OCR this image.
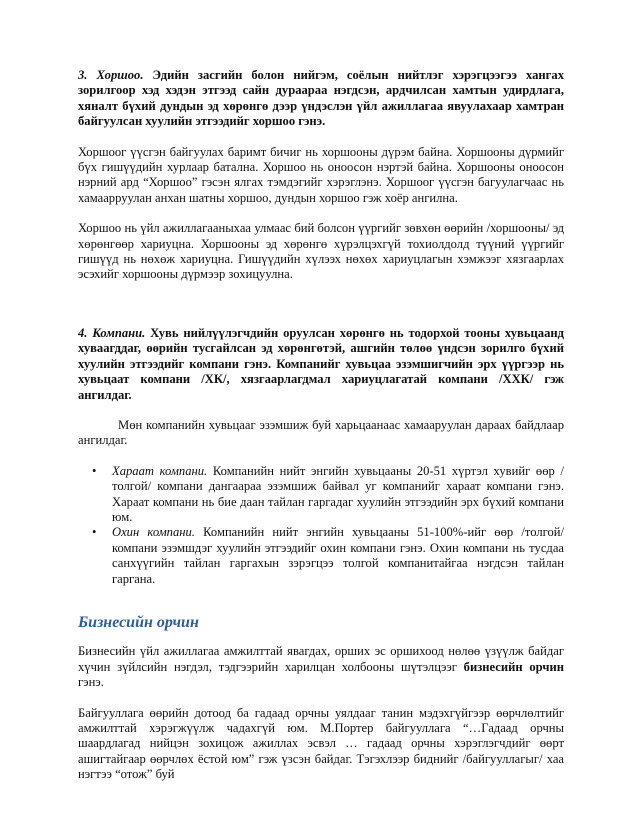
3. Хоршоо. Эдийн засгийн болон нийгэм, соёлын нийтлэг хэрэгцээгээ хангах зорилгоор хэд хэдэн этгээд сайн дураараа нэгдсэн, ардчилсан хамтын удирдлага, хяналт бүхий дундын эд хөрөнгө дээр үндэслэн үйл ажиллагаа явуулахаар хамтран байгуулсан хуулийн этгээдийг хоршоо гэнэ.

Хоршоог үүсгэн байгуулах баримт бичиг нь хоршооны дүрэм байна. Хоршооны дүрмийг бүх гишүүдийн хурлаар батална. Хоршоо нь оноосон нэртэй байна. Хоршооны оноосон нэрний ард “Хоршоо” гэсэн ялгах тэмдэгийг хэрэглэнэ. Хоршоог үүсгэн багуулагчаас нь хамаарруулан анхан шатны хоршоо, дундын хоршоо гэж хоёр ангилна.

Хоршоо нь үйл ажиллагааныхаа улмаас бий болсон үүргийг зөвхөн өөрийн /хоршооны/ эд хөрөнгөөр хариуцна. Хоршооны эд хөрөнгө хүрэлцэхгүй тохиолдолд түүний үүргийг гишүүд нь нөхөж хариуцна. Гишүүдийн хүлээх нөхөх хариуцлагын хэмжээг хязгаарлах эсэхийг хоршооны дүрмээр зохицуулна.

4. Компани. Хувь нийлүүлэгчдийн оруулсан хөрөнгө нь тодорхой тооны хувьцаанд хуваагддаг, өөрийн тусгайлсан эд хөрөнгөтэй, ашгийн төлөө үндсэн зорилго бүхий хуулийн этгээдийг компани гэнэ. Компанийг хувьцаа эзэмшигчийн эрх үүргээр нь хувьцаат компани /ХК/, хязгаарлагдмал хариуцлагатай компани /ХХК/ гэж ангилдаг.

Мөн компанийн хувьцааг эзэмшиж буй харьцаанаас хамааруулан дараах байдлаар ангилдаг.

• Хараат компани. Компанийн нийт энгийн хувьцааны 20-51 хүртэл хувийг өөр /толгой/ компани дангаараа эзэмшиж байвал уг компанийг хараат компани гэнэ. Хараат компани нь бие даан тайлан гаргадаг хуулийн этгээдийн эрх бүхий компани юм.
• Охин компани. Компанийн нийт энгийн хувьцааны 51-100%-ийг өөр /толгой/ компани эзэмшдэг хуулийн этгээдийг охин компани гэнэ. Охин компани нь тусдаа санхүүгийн тайлан гаргахын зэрэгцээ толгой компанитайгаа нэгдсэн тайлан гаргана.
Бизнесийн орчин

Бизнесийн үйл ажиллагаа амжилттай явагдах, орших эс оршихоод нөлөө үзүүлж байдаг хүчин зүйлсийн нэгдэл, тэдгээрийн харилцан холбооны шүтэлцээг бизнесийн орчин гэнэ.

Байгууллага өөрийн дотоод ба гадаад орчны уялдааг танин мэдэхгүйгээр өөрчлөлтийг амжилттай хэрэгжүүлж чадахгүй юм. М.Портер байгууллага “…Гадаад орчны шаардлагад нийцэн зохицож ажиллах эсвэл … гадаад орчны хэрэглэгчдийг өөрт ашигтайгаар өөрчлөх ёстой юм” гэж үзсэн байдаг. Тэгэхлээр биднийг /байгууллагыг/ хаа нэгтээ “отож” буй
